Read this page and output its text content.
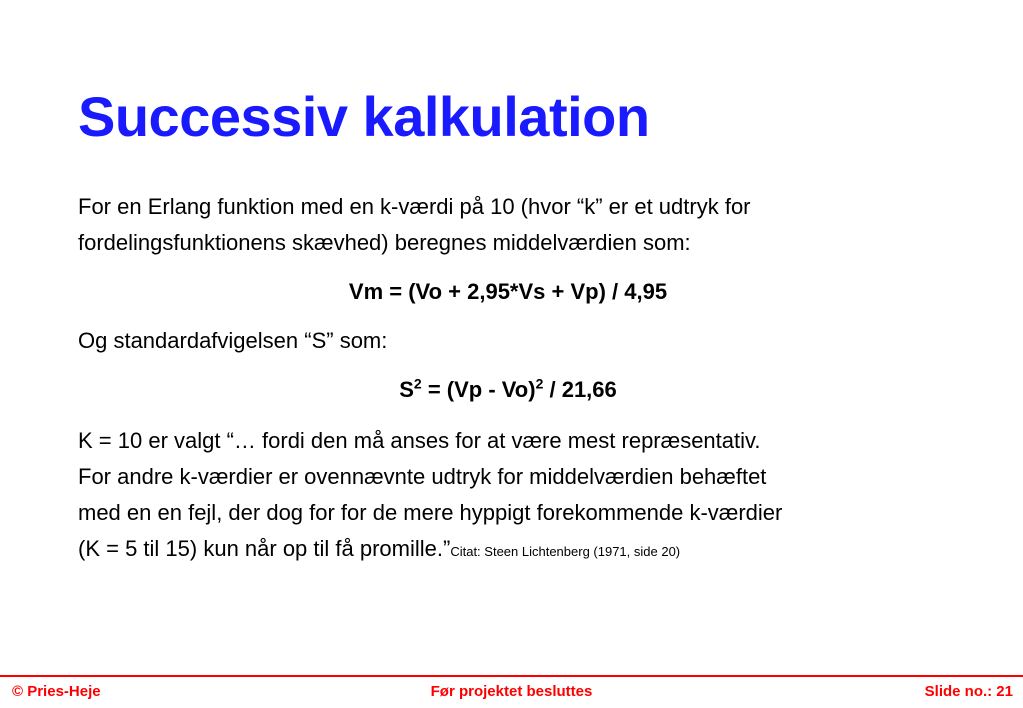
Successiv kalkulation

For en Erlang funktion med en k-værdi på 10 (hvor “k” er et udtryk for

fordelingsfunktionens skævhed) beregnes middelværdien som:

Vm = (Vo + 2,95*Vs + Vp) / 4,95

Og standardafvigelsen “S” som:

$S^2 = (Vp - Vo)^2 / 21,66$

K = 10 er valgt “… fordi den må anses for at være mest repræsentativ.

For andre k-værdier er ovennævnte udtryk for middelværdien behæftet

med en en fejl, der dog for for de mere hyppigt forekommende k-værdier

(K = 5 til 15) kun når op til få promille.”Citat: Steen Lichtenberg (1971, side 20)

© Pries-Heje	Før projektet besluttes	Slide no.: 21
